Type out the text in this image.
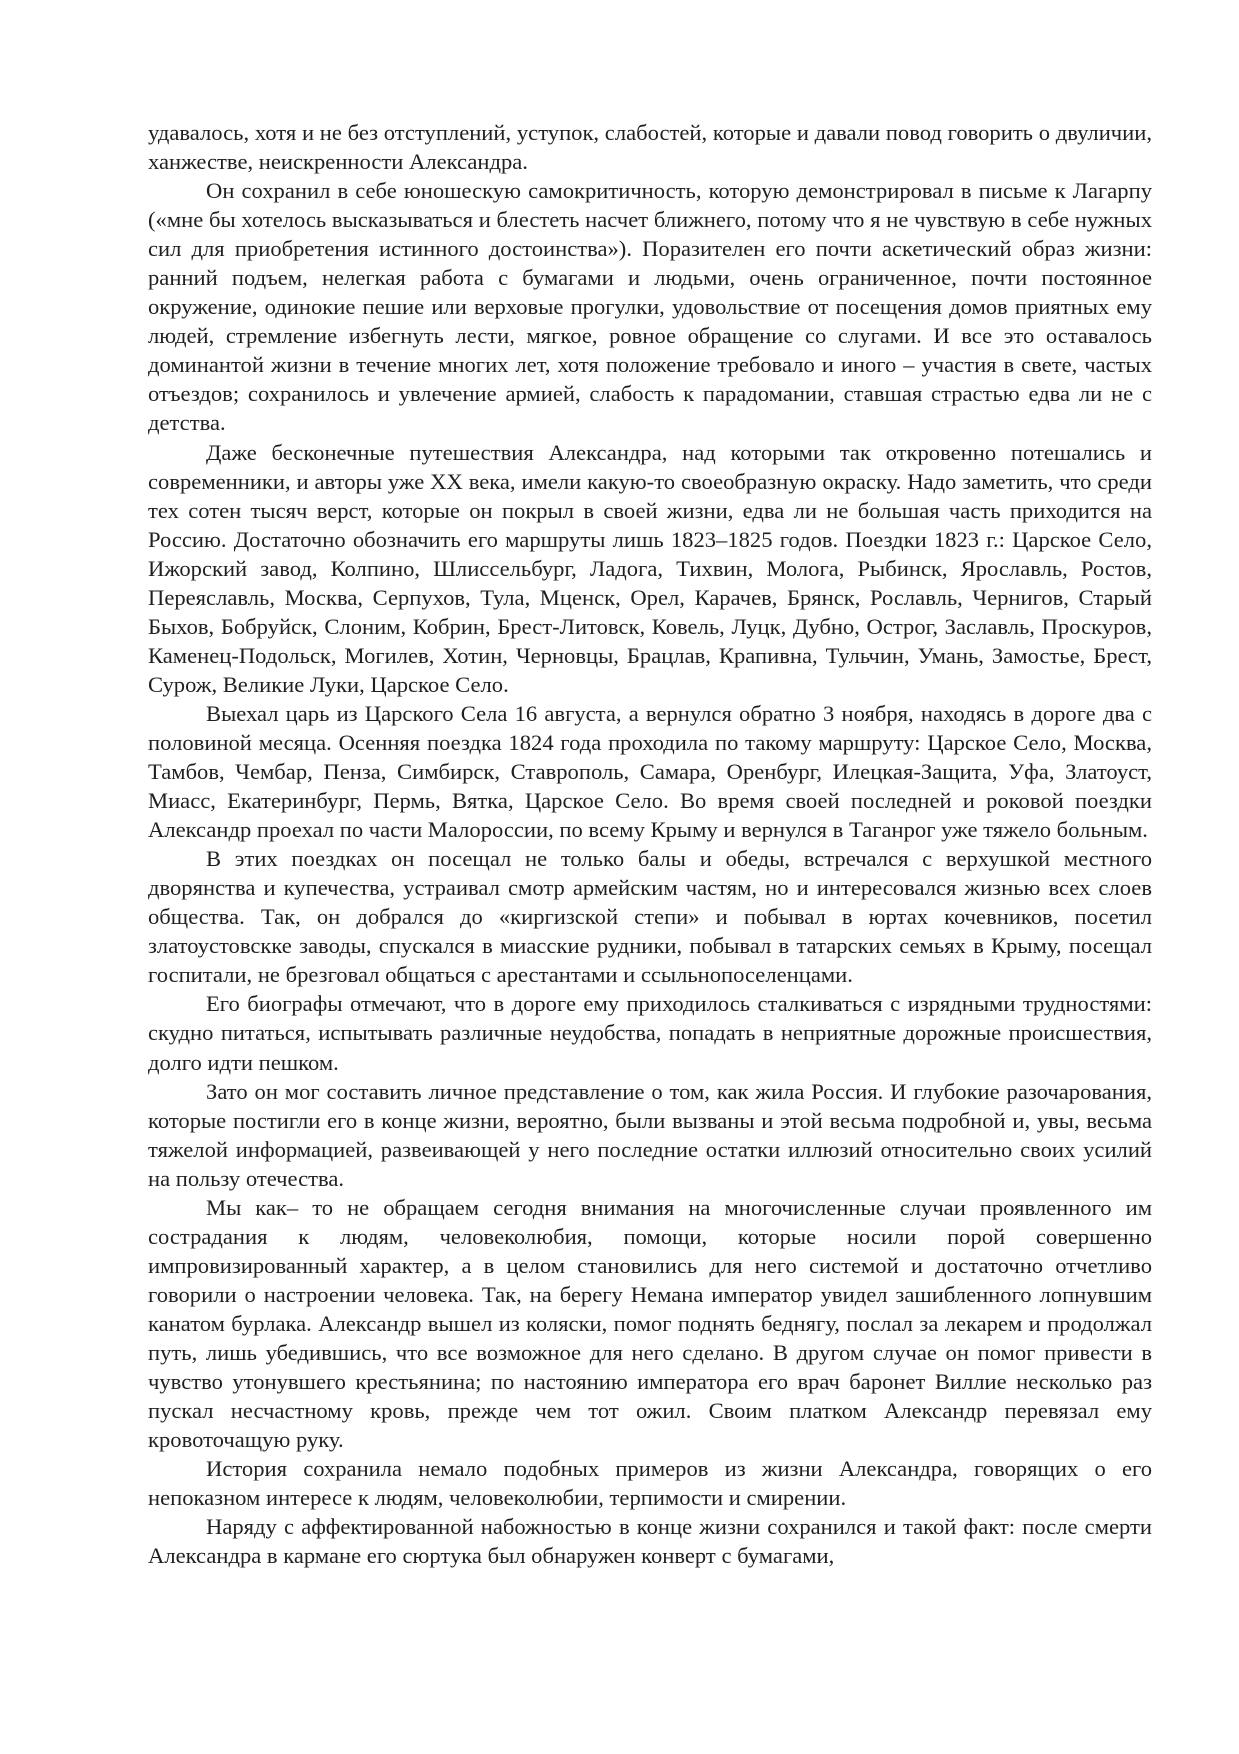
удавалось, хотя и не без отступлений, уступок, слабостей, которые и давали повод говорить о двуличии, ханжестве, неискренности Александра.

Он сохранил в себе юношескую самокритичность, которую демонстрировал в письме к Лагарпу («мне бы хотелось высказываться и блестеть насчет ближнего, потому что я не чувствую в себе нужных сил для приобретения истинного достоинства»). Поразителен его почти аскетический образ жизни: ранний подъем, нелегкая работа с бумагами и людьми, очень ограниченное, почти постоянное окружение, одинокие пешие или верховые прогулки, удовольствие от посещения домов приятных ему людей, стремление избегнуть лести, мягкое, ровное обращение со слугами. И все это оставалось доминантой жизни в течение многих лет, хотя положение требовало и иного – участия в свете, частых отъездов; сохранилось и увлечение армией, слабость к парадомании, ставшая страстью едва ли не с детства.

Даже бесконечные путешествия Александра, над которыми так откровенно потешались и современники, и авторы уже XX века, имели какую-то своеобразную окраску. Надо заметить, что среди тех сотен тысяч верст, которые он покрыл в своей жизни, едва ли не большая часть приходится на Россию. Достаточно обозначить его маршруты лишь 1823–1825 годов. Поездки 1823 г.: Царское Село, Ижорский завод, Колпино, Шлиссельбург, Ладога, Тихвин, Молога, Рыбинск, Ярославль, Ростов, Переяславль, Москва, Серпухов, Тула, Мценск, Орел, Карачев, Брянск, Рославль, Чернигов, Старый Быхов, Бобруйск, Слоним, Кобрин, Брест-Литовск, Ковель, Луцк, Дубно, Острог, Заславль, Проскуров, Каменец-Подольск, Могилев, Хотин, Черновцы, Брацлав, Крапивна, Тульчин, Умань, Замостье, Брест, Сурож, Великие Луки, Царское Село.

Выехал царь из Царского Села 16 августа, а вернулся обратно 3 ноября, находясь в дороге два с половиной месяца. Осенняя поездка 1824 года проходила по такому маршруту: Царское Село, Москва, Тамбов, Чембар, Пенза, Симбирск, Ставрополь, Самара, Оренбург, Илецкая-Защита, Уфа, Златоуст, Миасс, Екатеринбург, Пермь, Вятка, Царское Село. Во время своей последней и роковой поездки Александр проехал по части Малороссии, по всему Крыму и вернулся в Таганрог уже тяжело больным.

В этих поездках он посещал не только балы и обеды, встречался с верхушкой местного дворянства и купечества, устраивал смотр армейским частям, но и интересовался жизнью всех слоев общества. Так, он добрался до «киргизской степи» и побывал в юртах кочевников, посетил златоустовскке заводы, спускался в миасские рудники, побывал в татарских семьях в Крыму, посещал госпитали, не брезговал общаться с арестантами и ссыльнопоселенцами.

Его биографы отмечают, что в дороге ему приходилось сталкиваться с изрядными трудностями: скудно питаться, испытывать различные неудобства, попадать в неприятные дорожные происшествия, долго идти пешком.

Зато он мог составить личное представление о том, как жила Россия. И глубокие разочарования, которые постигли его в конце жизни, вероятно, были вызваны и этой весьма подробной и, увы, весьма тяжелой информацией, развеивающей у него последние остатки иллюзий относительно своих усилий на пользу отечества.

Мы как– то не обращаем сегодня внимания на многочисленные случаи проявленного им сострадания к людям, человеколюбия, помощи, которые носили порой совершенно импровизированный характер, а в целом становились для него системой и достаточно отчетливо говорили о настроении человека. Так, на берегу Немана император увидел зашибленного лопнувшим канатом бурлака. Александр вышел из коляски, помог поднять беднягу, послал за лекарем и продолжал путь, лишь убедившись, что все возможное для него сделано. В другом случае он помог привести в чувство утонувшего крестьянина; по настоянию императора его врач баронет Виллие несколько раз пускал несчастному кровь, прежде чем тот ожил. Своим платком Александр перевязал ему кровоточащую руку.

История сохранила немало подобных примеров из жизни Александра, говорящих о его непоказном интересе к людям, человеколюбии, терпимости и смирении.

Наряду с аффектированной набожностью в конце жизни сохранился и такой факт: после смерти Александра в кармане его сюртука был обнаружен конверт с бумагами,
